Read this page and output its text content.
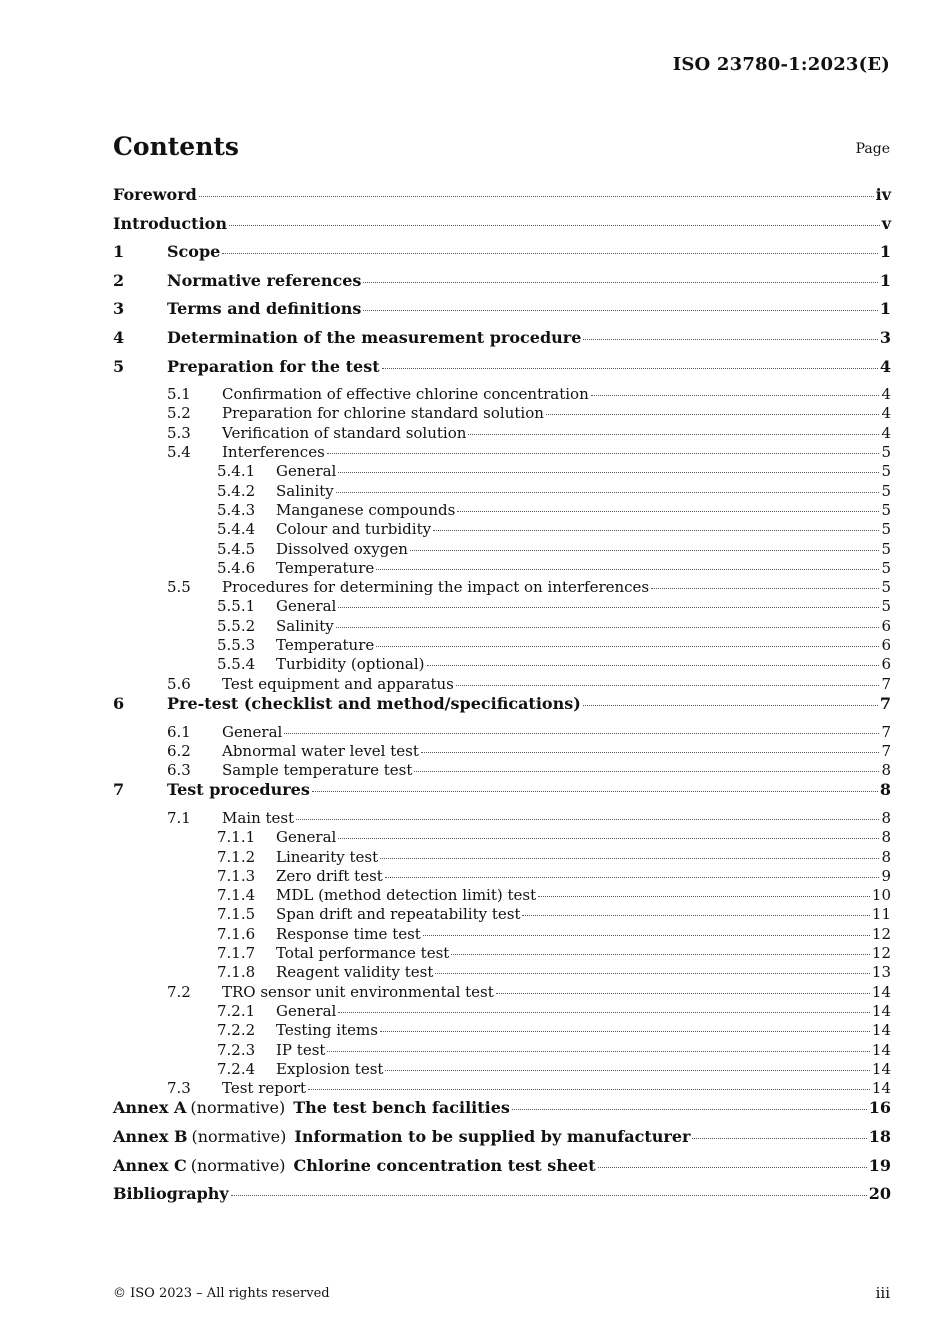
ISO 23780-1:2023(E)
Contents	Page
Foreword	iv
Introduction	v
1	Scope	1
2	Normative references	1
3	Terms and definitions	1
4	Determination of the measurement procedure	3
5	Preparation for the test	4
5.1	Confirmation of effective chlorine concentration	4
5.2	Preparation for chlorine standard solution	4
5.3	Verification of standard solution	4
5.4	Interferences	5
5.4.1	General	5
5.4.2	Salinity	5
5.4.3	Manganese compounds	5
5.4.4	Colour and turbidity	5
5.4.5	Dissolved oxygen	5
5.4.6	Temperature	5
5.5	Procedures for determining the impact on interferences	5
5.5.1	General	5
5.5.2	Salinity	6
5.5.3	Temperature	6
5.5.4	Turbidity (optional)	6
5.6	Test equipment and apparatus	7
6	Pre-test (checklist and method/specifications)	7
6.1	General	7
6.2	Abnormal water level test	7
6.3	Sample temperature test	8
7	Test procedures	8
7.1	Main test	8
7.1.1	General	8
7.1.2	Linearity test	8
7.1.3	Zero drift test	9
7.1.4	MDL (method detection limit) test	10
7.1.5	Span drift and repeatability test	11
7.1.6	Response time test	12
7.1.7	Total performance test	12
7.1.8	Reagent validity test	13
7.2	TRO sensor unit environmental test	14
7.2.1	General	14
7.2.2	Testing items	14
7.2.3	IP test	14
7.2.4	Explosion test	14
7.3	Test report	14
Annex A (normative) The test bench facilities	16
Annex B (normative) Information to be supplied by manufacturer	18
Annex C (normative) Chlorine concentration test sheet	19
Bibliography	20
© ISO 2023 – All rights reserved	iii
